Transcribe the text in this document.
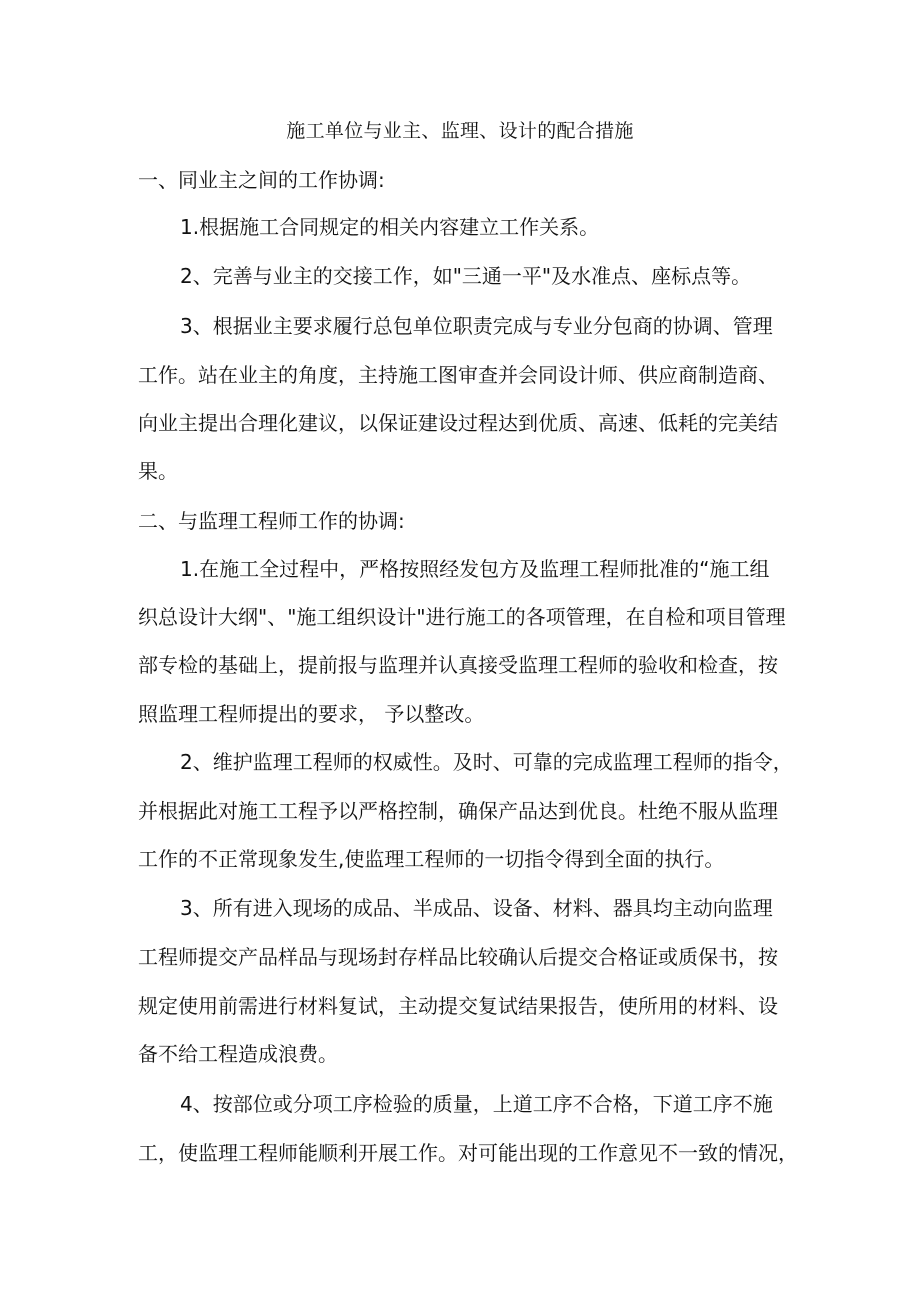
施工单位与业主、监理、设计的配合措施
一、同业主之间的工作协调:
1.根据施工合同规定的相关内容建立工作关系。
2、完善与业主的交接工作，如"三通一平"及水准点、座标点等。
3、根据业主要求履行总包单位职责完成与专业分包商的协调、管理
工作。站在业主的角度，主持施工图审查并会同设计师、供应商制造商、
向业主提出合理化建议，以保证建设过程达到优质、高速、低耗的完美结
果。
二、与监理工程师工作的协调:
1.在施工全过程中，严格按照经发包方及监理工程师批准的“施工组
织总设计大纲"、"施工组织设计"进行施工的各项管理，在自检和项目管理
部专检的基础上，提前报与监理并认真接受监理工程师的验收和检查，按
照监理工程师提出的要求， 予以整改。
2、维护监理工程师的权威性。及时、可靠的完成监理工程师的指令，
并根据此对施工工程予以严格控制，确保产品达到优良。杜绝不服从监理
工作的不正常现象发生,使监理工程师的一切指令得到全面的执行。
3、所有进入现场的成品、半成品、设备、材料、器具均主动向监理
工程师提交产品样品与现场封存样品比较确认后提交合格证或质保书，按
规定使用前需进行材料复试，主动提交复试结果报告，使所用的材料、设
备不给工程造成浪费。
4、按部位或分项工序检验的质量，上道工序不合格，下道工序不施
工，使监理工程师能顺利开展工作。对可能出现的工作意见不一致的情况，
